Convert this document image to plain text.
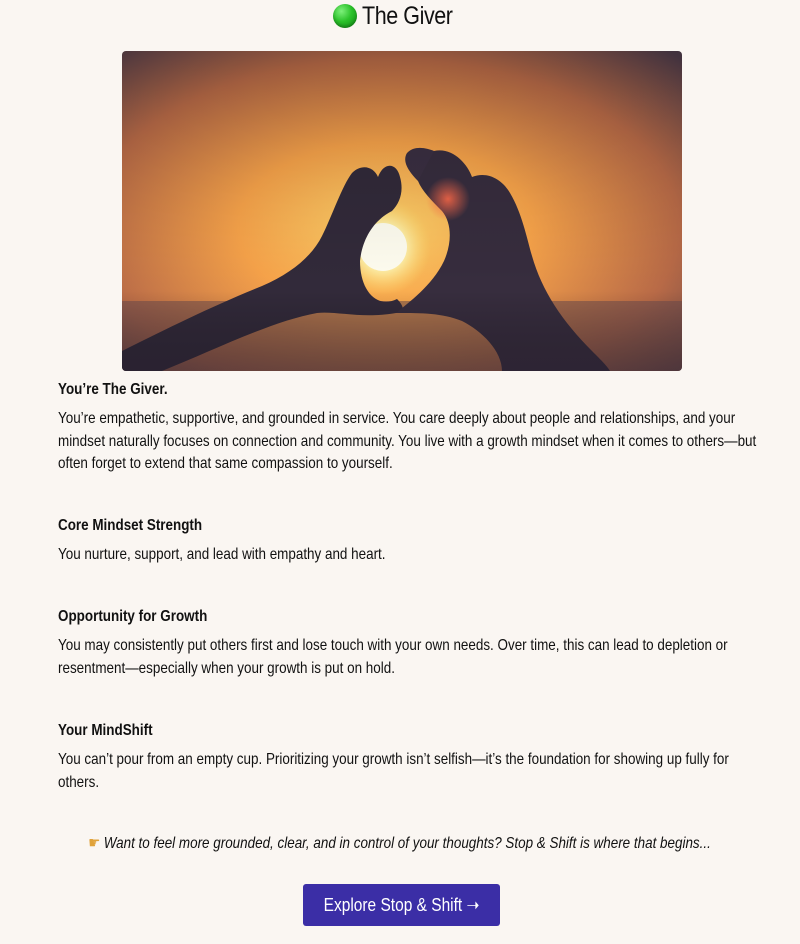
The Giver

You’re The Giver.

You’re empathetic, supportive, and grounded in service. You care deeply about people and relationships, and your mindset naturally focuses on connection and community. You live with a growth mindset when it comes to others—but often forget to extend that same compassion to yourself.

Core Mindset Strength

You nurture, support, and lead with empathy and heart.

Opportunity for Growth

You may consistently put others first and lose touch with your own needs. Over time, this can lead to depletion or resentment—especially when your growth is put on hold.

Your MindShift

You can’t pour from an empty cup. Prioritizing your growth isn’t selfish—it’s the foundation for showing up fully for others.

☛ Want to feel more grounded, clear, and in control of your thoughts? Stop & Shift is where that begins...
Explore Stop & Shift ➝
